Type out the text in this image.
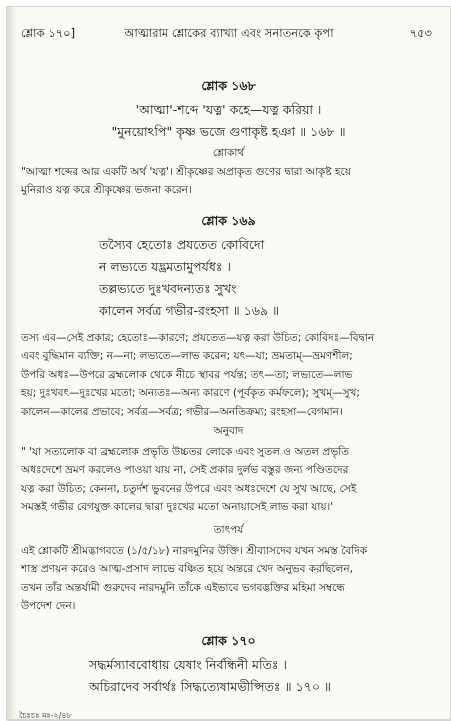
শ্লোক ১৭০]	আত্মারাম শ্লোকের ব্যাখ্যা এবং সনাতনকে কৃপা	৭৫৩
শ্লোক ১৬৮
'আত্মা'-শব্দে 'যত্ন' কহে—যত্ন করিয়া ।
"মুনয়োঽপি" কৃষ্ণ ভজে গুণাকৃষ্ট হঞা ॥ ১৬৮ ॥
শ্লোকার্থ
"আত্মা শব্দের আর একটি অর্থ 'যত্ন'। শ্রীকৃষ্ণের অপ্রাকৃত গুণের দ্বারা আকৃষ্ট হয়ে
মুনিরাও যত্ন করে শ্রীকৃষ্ণের ভজনা করেন।
শ্লোক ১৬৯
তস্যৈব হেতোঃ প্রযতেত কোবিদো
ন লভ্যতে যদ্ভ্রমতামুপর্যধঃ ।
তল্লভ্যতে দুঃখবদন্যতঃ সুখং
কালেন সর্বত্র গভীর-রংহসা ॥ ১৬৯ ॥
তস্য এব—সেই প্রকার; হেতোঃ—কারণে; প্রযতেত—যত্ন করা উচিত; কোবিদঃ—বিদ্বান
এবং বুদ্ধিমান ব্যক্তি; ন—না; লভ্যতে—লাভ করেন; যৎ—যা; ভ্রমতাম্—ভ্রমণশীল;
উপরি অধঃ—উপরে ব্রহ্মলোক থেকে নীচে স্থাবর পর্যন্ত; তৎ—তা; লভ্যতে—লাভ
হয়; দুঃখবৎ—দুঃখের মতো; অন্যতঃ—অন্য কারণে (পূর্বকৃত কর্মফলে); সুখম্—সুখ;
কালেন—কালের প্রভাবে; সর্বত্র—সর্বত্র; গভীর—অনতিক্রম্য; রংহসা—বেগমান।
অনুবাদ
" 'যা সত্যলোক বা ব্রহ্মলোক প্রভৃতি উচ্চতর লোকে এবং সুতল ও অতল প্রভৃতি
অধঃদেশে ভ্রমণ করলেও পাওয়া যায় না, সেই প্রকার দুর্লভ বস্তুর জন্য পণ্ডিতদের
যত্ন করা উচিত; কেননা, চতুর্দশ ভুবনের উপরে এবং অধঃদেশে যে সুখ আছে, সেই
সমস্তই গভীর বেগযুক্ত কালের দ্বারা দুঃখের মতো অনায়াসেই লাভ করা যায়।'
তাৎপর্য
এই শ্লোকটি শ্রীমদ্ভাগবতে (১/৫/১৮) নারদমুনির উক্তি। শ্রীব্যাসদেব যখন সমস্ত বৈদিক
শাস্ত্র প্রণয়ন করেও আত্ম-প্রসাদ লাভে বঞ্চিত হয়ে অন্তরে খেদ অনুভব করছিলেন,
তখন তাঁর অন্তর্যামী গুরুদেব নারদমুনি তাঁকে এইভাবে ভগবদ্ভক্তির মহিমা সম্বন্ধে
উপদেশ দেন।
শ্লোক ১৭০
সদ্ধর্মস্যাববোধায় যেষাং নির্বন্ধিনী মতিঃ ।
অচিরাদেব সর্বার্থঃ সিদ্ধত্যেষামভীপ্সিতঃ ॥ ১৭০ ॥
চৈঃচঃ মঃ-২/৪৮
